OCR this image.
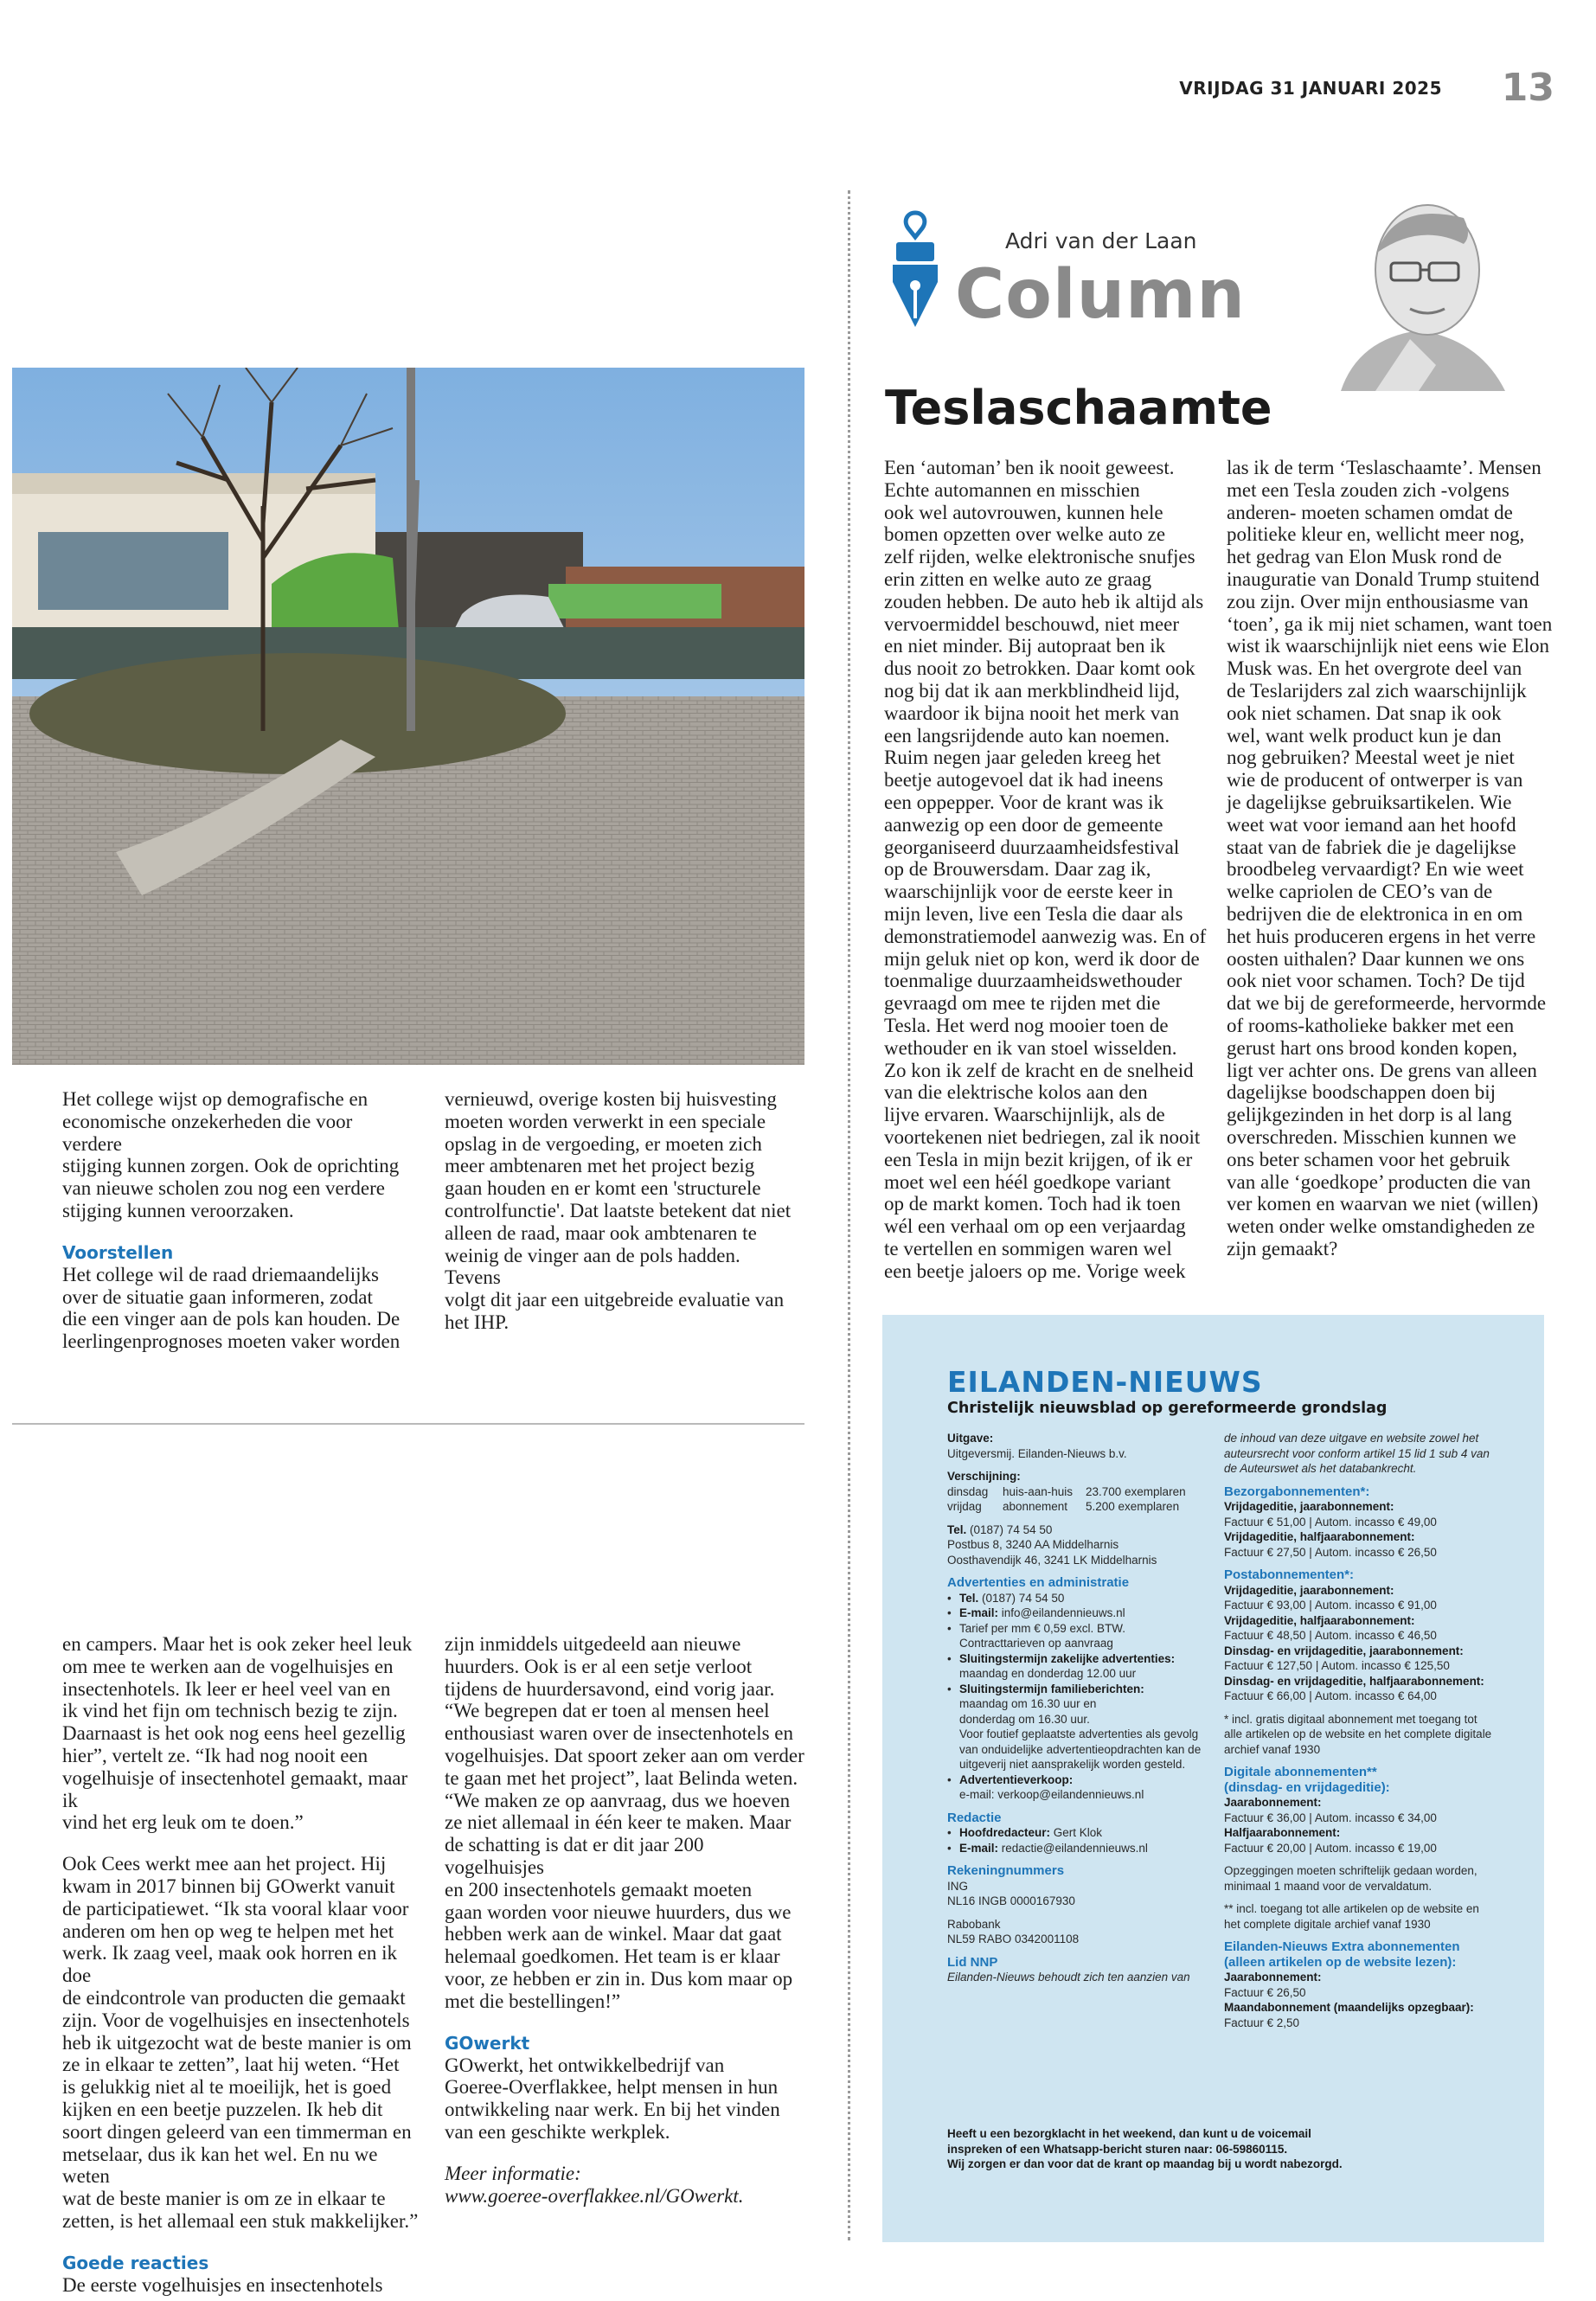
VRIJDAG 31 JANUARI 2025 13

Het college wijst op demografische en

economische onzekerheden die voor verdere

stijging kunnen zorgen. Ook de oprichting

van nieuwe scholen zou nog een verdere

stijging kunnen veroorzaken.

Voorstellen

Het college wil de raad driemaandelijks

over de situatie gaan informeren, zodat

die een vinger aan de pols kan houden. De

leerlingenprognoses moeten vaker worden

vernieuwd, overige kosten bij huisvesting

moeten worden verwerkt in een speciale

opslag in de vergoeding, er moeten zich

meer ambtenaren met het project bezig

gaan houden en er komt een 'structurele

controlfunctie'. Dat laatste betekent dat niet

alleen de raad, maar ook ambtenaren te

weinig de vinger aan de pols hadden. Tevens

volgt dit jaar een uitgebreide evaluatie van

het IHP.

en campers. Maar het is ook zeker heel leuk

om mee te werken aan de vogelhuisjes en

insectenhotels. Ik leer er heel veel van en

ik vind het fijn om technisch bezig te zijn.

Daarnaast is het ook nog eens heel gezellig

hier”, vertelt ze. “Ik had nog nooit een

vogelhuisje of insectenhotel gemaakt, maar ik

vind het erg leuk om te doen.”

Ook Cees werkt mee aan het project. Hij

kwam in 2017 binnen bij GOwerkt vanuit

de participatiewet. “Ik sta vooral klaar voor

anderen om hen op weg te helpen met het

werk. Ik zaag veel, maak ook horren en ik doe

de eindcontrole van producten die gemaakt

zijn. Voor de vogelhuisjes en insectenhotels

heb ik uitgezocht wat de beste manier is om

ze in elkaar te zetten”, laat hij weten. “Het

is gelukkig niet al te moeilijk, het is goed

kijken en een beetje puzzelen. Ik heb dit

soort dingen geleerd van een timmerman en

metselaar, dus ik kan het wel. En nu we weten

wat de beste manier is om ze in elkaar te

zetten, is het allemaal een stuk makkelijker.”

Goede reacties

De eerste vogelhuisjes en insectenhotels

zijn inmiddels uitgedeeld aan nieuwe

huurders. Ook is er al een setje verloot

tijdens de huurdersavond, eind vorig jaar.

“We begrepen dat er toen al mensen heel

enthousiast waren over de insectenhotels en

vogelhuisjes. Dat spoort zeker aan om verder

te gaan met het project”, laat Belinda weten.

“We maken ze op aanvraag, dus we hoeven

ze niet allemaal in één keer te maken. Maar

de schatting is dat er dit jaar 200 vogelhuisjes

en 200 insectenhotels gemaakt moeten

gaan worden voor nieuwe huurders, dus we

hebben werk aan de winkel. Maar dat gaat

helemaal goedkomen. Het team is er klaar

voor, ze hebben er zin in. Dus kom maar op

met die bestellingen!”

GOwerkt

GOwerkt, het ontwikkelbedrijf van

Goeree-Overflakkee, helpt mensen in hun

ontwikkeling naar werk. En bij het vinden

van een geschikte werkplek.

Meer informatie:

www.goeree-overflakkee.nl/GOwerkt.

Adri van der Laan
Column
Teslaschaamte

Een ‘automan’ ben ik nooit geweest.

Echte automannen en misschien

ook wel autovrouwen, kunnen hele

bomen opzetten over welke auto ze

zelf rijden, welke elektronische snufjes

erin zitten en welke auto ze graag

zouden hebben. De auto heb ik altijd als

vervoermiddel beschouwd, niet meer

en niet minder. Bij autopraat ben ik

dus nooit zo betrokken. Daar komt ook

nog bij dat ik aan merkblindheid lijd,

waardoor ik bijna nooit het merk van

een langsrijdende auto kan noemen.

Ruim negen jaar geleden kreeg het

beetje autogevoel dat ik had ineens

een oppepper. Voor de krant was ik

aanwezig op een door de gemeente

georganiseerd duurzaamheidsfestival

op de Brouwersdam. Daar zag ik,

waarschijnlijk voor de eerste keer in

mijn leven, live een Tesla die daar als

demonstratiemodel aanwezig was. En of

mijn geluk niet op kon, werd ik door de

toenmalige duurzaamheidswethouder

gevraagd om mee te rijden met die

Tesla. Het werd nog mooier toen de

wethouder en ik van stoel wisselden.

Zo kon ik zelf de kracht en de snelheid

van die elektrische kolos aan den

lijve ervaren. Waarschijnlijk, als de

voortekenen niet bedriegen, zal ik nooit

een Tesla in mijn bezit krijgen, of ik er

moet wel een héél goedkope variant

op de markt komen. Toch had ik toen

wél een verhaal om op een verjaardag

te vertellen en sommigen waren wel

een beetje jaloers op me. Vorige week

las ik de term ‘Teslaschaamte’. Mensen

met een Tesla zouden zich -volgens

anderen- moeten schamen omdat de

politieke kleur en, wellicht meer nog,

het gedrag van Elon Musk rond de

inauguratie van Donald Trump stuitend

zou zijn. Over mijn enthousiasme van

‘toen’, ga ik mij niet schamen, want toen

wist ik waarschijnlijk niet eens wie Elon

Musk was. En het overgrote deel van

de Teslarijders zal zich waarschijnlijk

ook niet schamen. Dat snap ik ook

wel, want welk product kun je dan

nog gebruiken? Meestal weet je niet

wie de producent of ontwerper is van

je dagelijkse gebruiksartikelen. Wie

weet wat voor iemand aan het hoofd

staat van de fabriek die je dagelijkse

broodbeleg vervaardigt? En wie weet

welke capriolen de CEO’s van de

bedrijven die de elektronica in en om

het huis produceren ergens in het verre

oosten uithalen? Daar kunnen we ons

ook niet voor schamen. Toch? De tijd

dat we bij de gereformeerde, hervormde

of rooms-katholieke bakker met een

gerust hart ons brood konden kopen,

ligt ver achter ons. De grens van alleen

dagelijkse boodschappen doen bij

gelijkgezinden in het dorp is al lang

overschreden. Misschien kunnen we

ons beter schamen voor het gebruik

van alle ‘goedkope’ producten die van

ver komen en waarvan we niet (willen)

weten onder welke omstandigheden ze

zijn gemaakt?

EILANDEN-NIEUWS
Christelijk nieuwsblad op gereformeerde grondslag
Uitgave:
Uitgeversmij. Eilanden-Nieuws b.v.
Verschijning:
dinsdag	huis-aan-huis	23.700 exemplaren
vrijdag	abonnement	5.200 exemplaren
Tel. (0187) 74 54 50
Postbus 8, 3240 AA Middelharnis
Oosthavendijk 46, 3241 LK Middelharnis
Advertenties en administratie
• Tel. (0187) 74 54 50
• E-mail: info@eilandennieuws.nl
• Tarief per mm € 0,59 excl. BTW.
Contracttarieven op aanvraag
• Sluitingstermijn zakelijke advertenties:
maandag en donderdag 12.00 uur
• Sluitingstermijn familieberichten:
maandag om 16.30 uur en
donderdag om 16.30 uur.
Voor foutief geplaatste advertenties als gevolg van onduidelijke advertentieopdrachten kan de uitgeverij niet aansprakelijk worden gesteld.
• Advertentieverkoop:
e-mail: verkoop@eilandennieuws.nl
Redactie
• Hoofdredacteur: Gert Klok
• E-mail: redactie@eilandennieuws.nl
Rekeningnummers
ING
NL16 INGB 0000167930
Rabobank
NL59 RABO 0342001108
Lid NNP
Eilanden-Nieuws behoudt zich ten aanzien van
de inhoud van deze uitgave en website zowel het auteursrecht voor conform artikel 15 lid 1 sub 4 van de Auteurswet als het databankrecht.
Bezorgabonnementen*:
Vrijdageditie, jaarabonnement:
Factuur € 51,00 | Autom. incasso € 49,00
Vrijdageditie, halfjaarabonnement:
Factuur € 27,50 | Autom. incasso € 26,50
Postabonnementen*:
Vrijdageditie, jaarabonnement:
Factuur € 93,00 | Autom. incasso € 91,00
Vrijdageditie, halfjaarabonnement:
Factuur € 48,50 | Autom. incasso € 46,50
Dinsdag- en vrijdageditie, jaarabonnement:
Factuur € 127,50 | Autom. incasso € 125,50
Dinsdag- en vrijdageditie, halfjaarabonnement:
Factuur € 66,00 | Autom. incasso € 64,00
* incl. gratis digitaal abonnement met toegang tot alle artikelen op de website en het complete digitale archief vanaf 1930
Digitale abonnementen**
(dinsdag- en vrijdageditie):
Jaarabonnement:
Factuur € 36,00 | Autom. incasso € 34,00
Halfjaarabonnement:
Factuur € 20,00 | Autom. incasso € 19,00
Opzeggingen moeten schriftelijk gedaan worden, minimaal 1 maand voor de vervaldatum.
** incl. toegang tot alle artikelen op de website en het complete digitale archief vanaf 1930
Eilanden-Nieuws Extra abonnementen
(alleen artikelen op de website lezen):
Jaarabonnement:
Factuur € 26,50
Maandabonnement (maandelijks opzegbaar):
Factuur € 2,50
Heeft u een bezorgklacht in het weekend, dan kunt u de voicemail
inspreken of een Whatsapp-bericht sturen naar: 06-59860115.
Wij zorgen er dan voor dat de krant op maandag bij u wordt nabezorgd.
